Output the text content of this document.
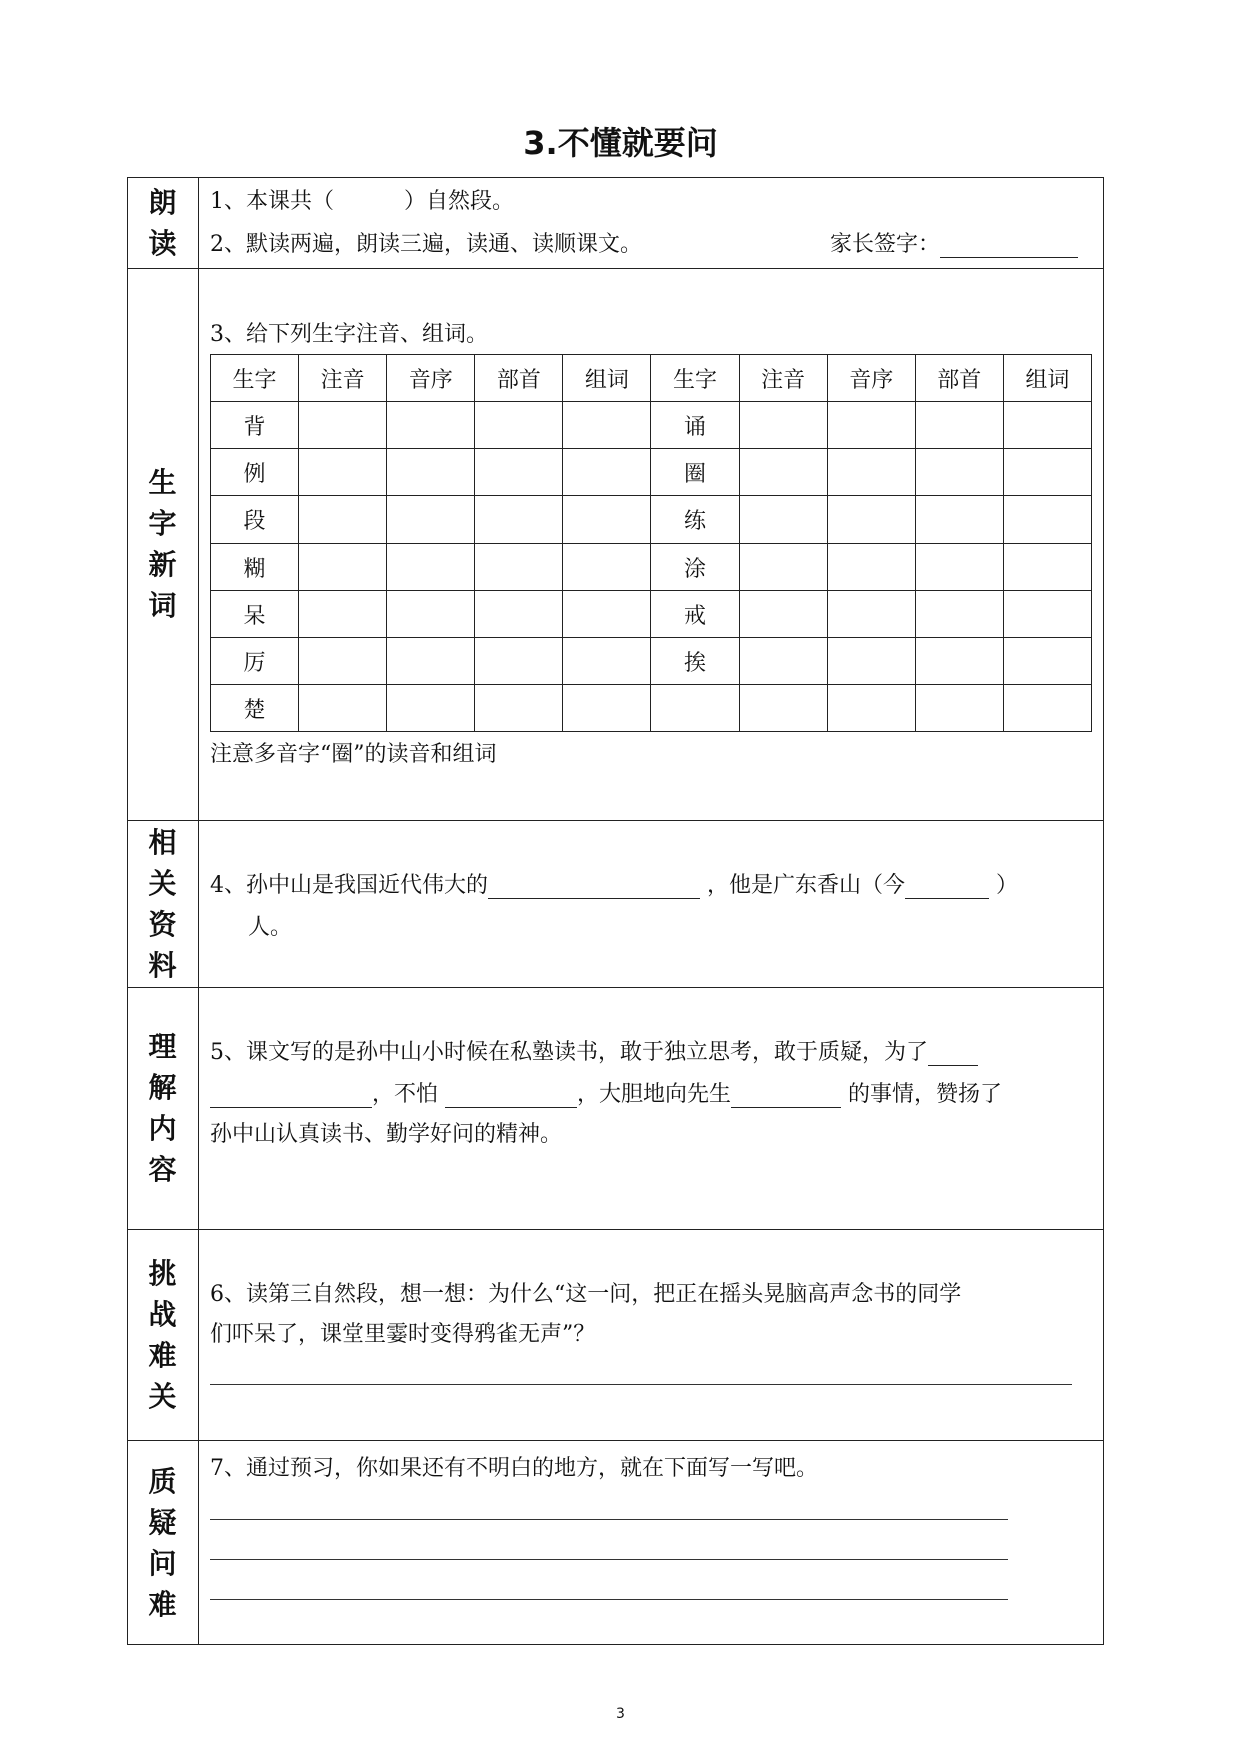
3.不懂就要问
朗
读
1、本课共（	）自然段。
2、默读两遍，朗读三遍，读通、读顺课文。	家长签字：
生
字
新
词
3、给下列生字注音、组词。
生字	注音	音序	部首	组词	生字	注音	音序	部首	组词
背					诵				
例					圈				
段					练				
糊					涂				
呆					戒				
厉					挨				
楚									
注意多音字“圈”的读音和组词
相
关
资
料
4、孙中山是我国近代伟大的	，他是广东香山（今	）
人。
理
解
内
容
5、课文写的是孙中山小时候在私塾读书，敢于独立思考，敢于质疑，为了
，不怕	，大胆地向先生	的事情，赞扬了
孙中山认真读书、勤学好问的精神。
挑
战
难
关
6、读第三自然段，想一想：为什么“这一问，把正在摇头晃脑高声念书的同学
们吓呆了，课堂里霎时变得鸦雀无声”？
质
疑
问
难
7、通过预习，你如果还有不明白的地方，就在下面写一写吧。
3
